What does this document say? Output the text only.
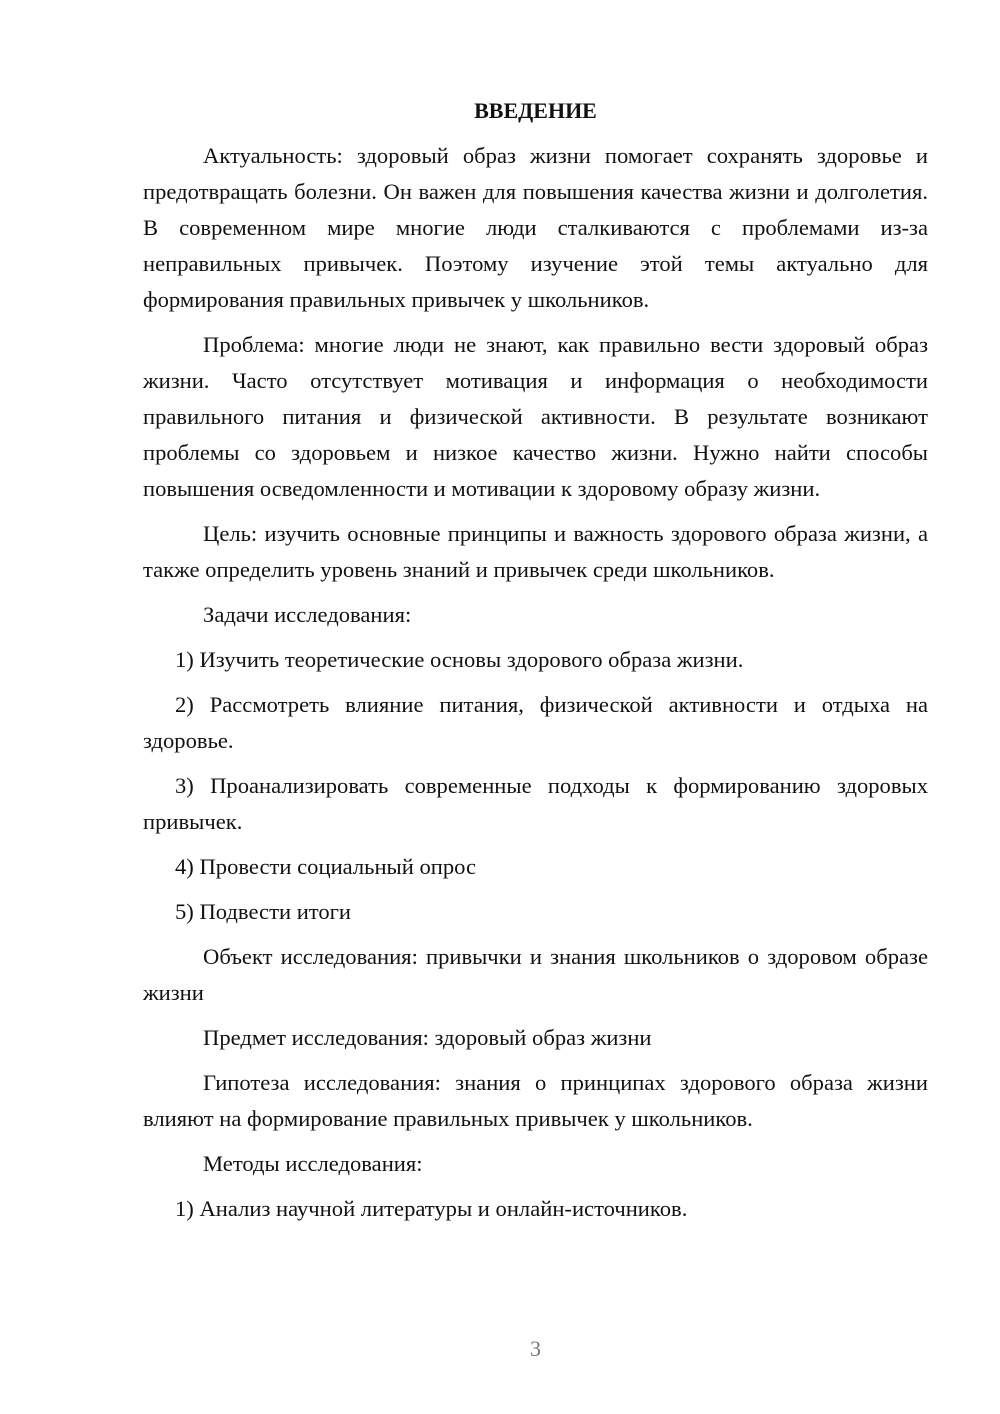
ВВЕДЕНИЕ

Актуальность: здоровый образ жизни помогает сохранять здоровье и предотвращать болезни. Он важен для повышения качества жизни и долголетия. В современном мире многие люди сталкиваются с проблемами из-за неправильных привычек. Поэтому изучение этой темы актуально для формирования правильных привычек у школьников.

Проблема: многие люди не знают, как правильно вести здоровый образ жизни. Часто отсутствует мотивация и информация о необходимости правильного питания и физической активности. В результате возникают проблемы со здоровьем и низкое качество жизни. Нужно найти способы повышения осведомленности и мотивации к здоровому образу жизни.

Цель: изучить основные принципы и важность здорового образа жизни, а также определить уровень знаний и привычек среди школьников.

Задачи исследования:

1) Изучить теоретические основы здорового образа жизни.

2) Рассмотреть влияние питания, физической активности и отдыха на здоровье.

3) Проанализировать современные подходы к формированию здоровых привычек.

4) Провести социальный опрос

5) Подвести итоги

Объект исследования: привычки и знания школьников о здоровом образе жизни

Предмет исследования: здоровый образ жизни

Гипотеза исследования: знания о принципах здорового образа жизни влияют на формирование правильных привычек у школьников.

Методы исследования:

1) Анализ научной литературы и онлайн-источников.

3
